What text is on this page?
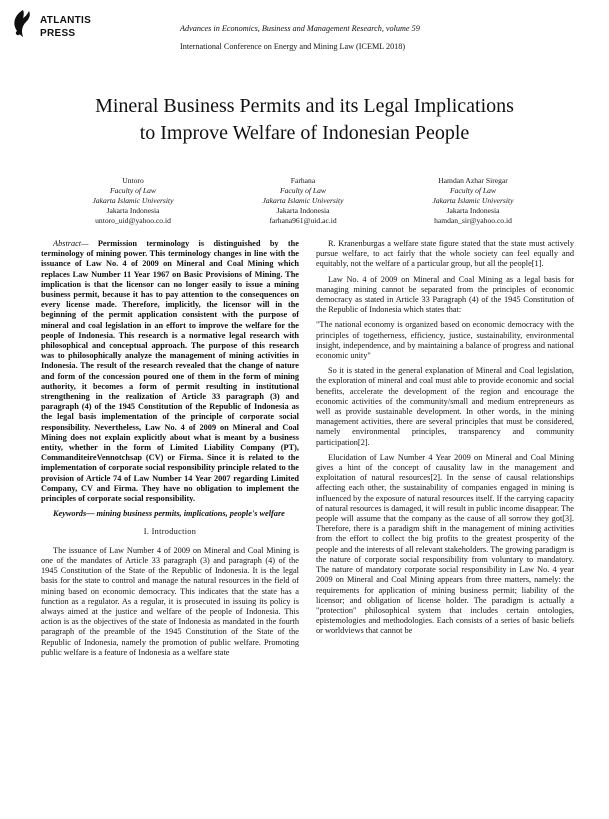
ATLANTIS
PRESS	Advances in Economics, Business and Management Research, volume 59
International Conference on Energy and Mining Law (ICEML 2018)
Mineral Business Permits and its Legal Implications
to Improve Welfare of Indonesian People
Untoro
Faculty of Law
Jakarta Islamic University
Jakarta Indonesia
untoro_uid@yahoo.co.id
Farhana
Faculty of Law
Jakarta Islamic University
Jakarta Indonesia
farhana961@uid.ac.id
Hamdan Azhar Siregar
Faculty of Law
Jakarta Islamic University
Jakarta Indonesia
hamdan_sir@yahoo.co.id

Abstract— Permission terminology is distinguished by the terminology of mining power. This terminology changes in line with the issuance of Law No. 4 of 2009 on Mineral and Coal Mining which replaces Law Number 11 Year 1967 on Basic Provisions of Mining. The implication is that the licensor can no longer easily to issue a mining business permit, because it has to pay attention to the consequences on every license made. Therefore, implicitly, the licensor will in the beginning of the permit application consistent with the purpose of mineral and coal legislation in an effort to improve the welfare for the people of Indonesia. This research is a normative legal research with philosophical and conceptual approach. The purpose of this research was to philosophically analyze the management of mining activities in Indonesia. The result of the research revealed that the change of nature and form of the concession poured one of them in the form of mining authority, it becomes a form of permit resulting in institutional strengthening in the realization of Article 33 paragraph (3) and paragraph (4) of the 1945 Constitution of the Republic of Indonesia as the legal basis implementation of the principle of corporate social responsibility. Nevertheless, Law No. 4 of 2009 on Mineral and Coal Mining does not explain explicitly about what is meant by a business entity, whether in the form of Limited Liability Company (PT), CommanditeireVennotchsap (CV) or Firma. Since it is related to the implementation of corporate social responsibility principle related to the provision of Article 74 of Law Number 14 Year 2007 regarding Limited Company, CV and Firma. They have no obligation to implement the principles of corporate social responsibility.

Keywords— mining business permits, implications, people's welfare

I. Introduction

The issuance of Law Number 4 of 2009 on Mineral and Coal Mining is one of the mandates of Article 33 paragraph (3) and paragraph (4) of the 1945 Constitution of the State of the Republic of Indonesia. It is the legal basis for the state to control and manage the natural resources in the field of mining based on economic democracy. This indicates that the state has a function as a regulator. As a regular, it is prosecuted in issuing its policy is always aimed at the justice and welfare of the people of Indonesia. This action is as the objectives of the state of Indonesia as mandated in the fourth paragraph of the preamble of the 1945 Constitution of the State of the Republic of Indonesia, namely the promotion of public welfare. Promoting public welfare is a feature of Indonesia as a welfare state

R. Kranenburgas a welfare state figure stated that the state must actively pursue welfare, to act fairly that the whole society can feel equally and equitably, not the welfare of a particular group, but all the people[1].

Law No. 4 of 2009 on Mineral and Coal Mining as a legal basis for managing mining cannot be separated from the principles of economic democracy as stated in Article 33 Paragraph (4) of the 1945 Constitution of the Republic of Indonesia which states that:

"The national economy is organized based on economic democracy with the principles of togetherness, efficiency, justice, sustainability, environmental insight, independence, and by maintaining a balance of progress and national economic unity"

So it is stated in the general explanation of Mineral and Coal legislation, the exploration of mineral and coal must able to provide economic and social benefits, accelerate the development of the region and encourage the economic activities of the community/small and medium entrepreneurs as well as provide sustainable development. In other words, in the mining management activities, there are several principles that must be considered, namely environmental principles, transparency and community participation[2].

Elucidation of Law Number 4 Year 2009 on Mineral and Coal Mining gives a hint of the concept of causality law in the management and exploitation of natural resources[2]. In the sense of causal relationships affecting each other, the sustainability of companies engaged in mining is influenced by the exposure of natural resources itself. If the carrying capacity of natural resources is damaged, it will result in public income disappear. The people will assume that the company as the cause of all sorrow they got[3]. Therefore, there is a paradigm shift in the management of mining activities from the effort to collect the big profits to the greatest prosperity of the people and the interests of all relevant stakeholders. The growing paradigm is the nature of corporate social responsibility from voluntary to mandatory. The nature of mandatory corporate social responsibility in Law No. 4 year 2009 on Mineral and Coal Mining appears from three matters, namely: the requirements for application of mining business permit; liability of the licensor; and obligation of license holder. The paradigm is actually a "protection" philosophical system that includes certain ontologies, epistemologies and methodologies. Each consists of a series of basic beliefs or worldviews that cannot be
